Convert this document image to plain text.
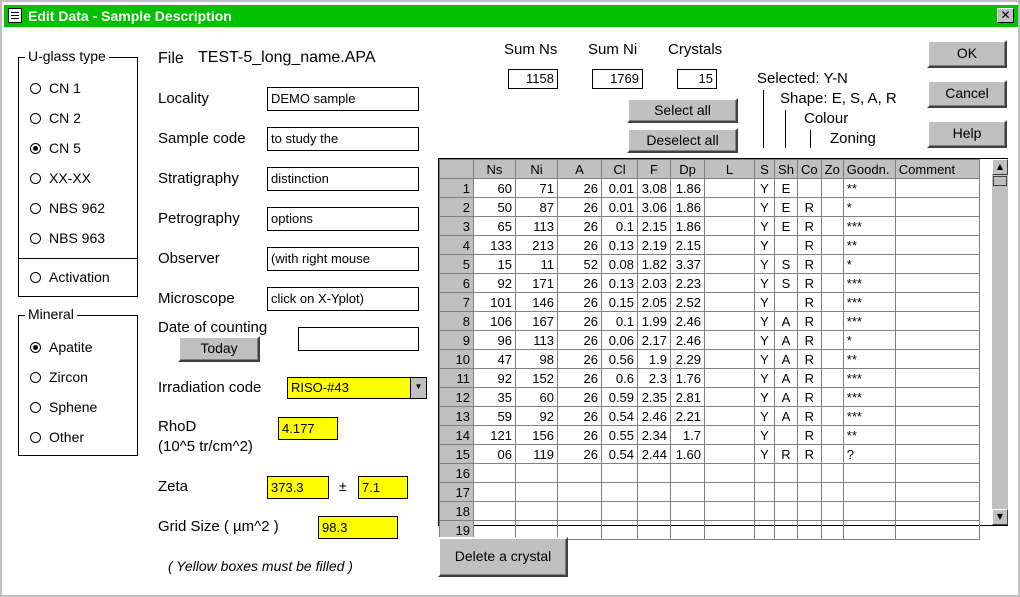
Edit Data - Sample Description	✕
U-glass type
CN 1
CN 2
CN 5
XX-XX
NBS 962
NBS 963
Activation
Mineral
Apatite
Zircon
Sphene
Other
File TEST-5_long_name.APA
Locality	DEMO sample
Sample code	to study the
Stratigraphy	distinction
Petrography	options
Observer	(with right mouse
Microscope	click on X-Yplot)
Date of counting
Today
Irradiation code	RISO-#43	▼
RhoD
(10^5 tr/cm^2)
4.177
Zeta	373.3	±	7.1
Grid Size ( µm^2 )	98.3
( Yellow boxes must be filled )
Sum Ns
1158
Sum Ni
1769
Crystals
15
Select all
Deselect all
Selected: Y-N
Shape: E, S, A, R
Colour
Zoning
OK
Cancel
Help
	Ns	Ni	A	Cl	F	Dp	L	S	Sh	Co	Zo	Goodn.	Comment
1	60	71	26	0.01	3.08	1.86		Y	E			**	
2	50	87	26	0.01	3.06	1.86		Y	E	R		*	
3	65	113	26	0.1	2.15	1.86		Y	E	R		***	
4	133	213	26	0.13	2.19	2.15		Y		R		**	
5	15	11	52	0.08	1.82	3.37		Y	S	R		*	
6	92	171	26	0.13	2.03	2.23		Y	S	R		***	
7	101	146	26	0.15	2.05	2.52		Y		R		***	
8	106	167	26	0.1	1.99	2.46		Y	A	R		***	
9	96	113	26	0.06	2.17	2.46		Y	A	R		*	
10	47	98	26	0.56	1.9	2.29		Y	A	R		**	
11	92	152	26	0.6	2.3	1.76		Y	A	R		***	
12	35	60	26	0.59	2.35	2.81		Y	A	R		***	
13	59	92	26	0.54	2.46	2.21		Y	A	R		***	
14	121	156	26	0.55	2.34	1.7		Y		R		**	
15	06	119	26	0.54	2.44	1.60		Y	R	R		?	
16													
17													
18													
19													
▲
▼
Delete a crystal
